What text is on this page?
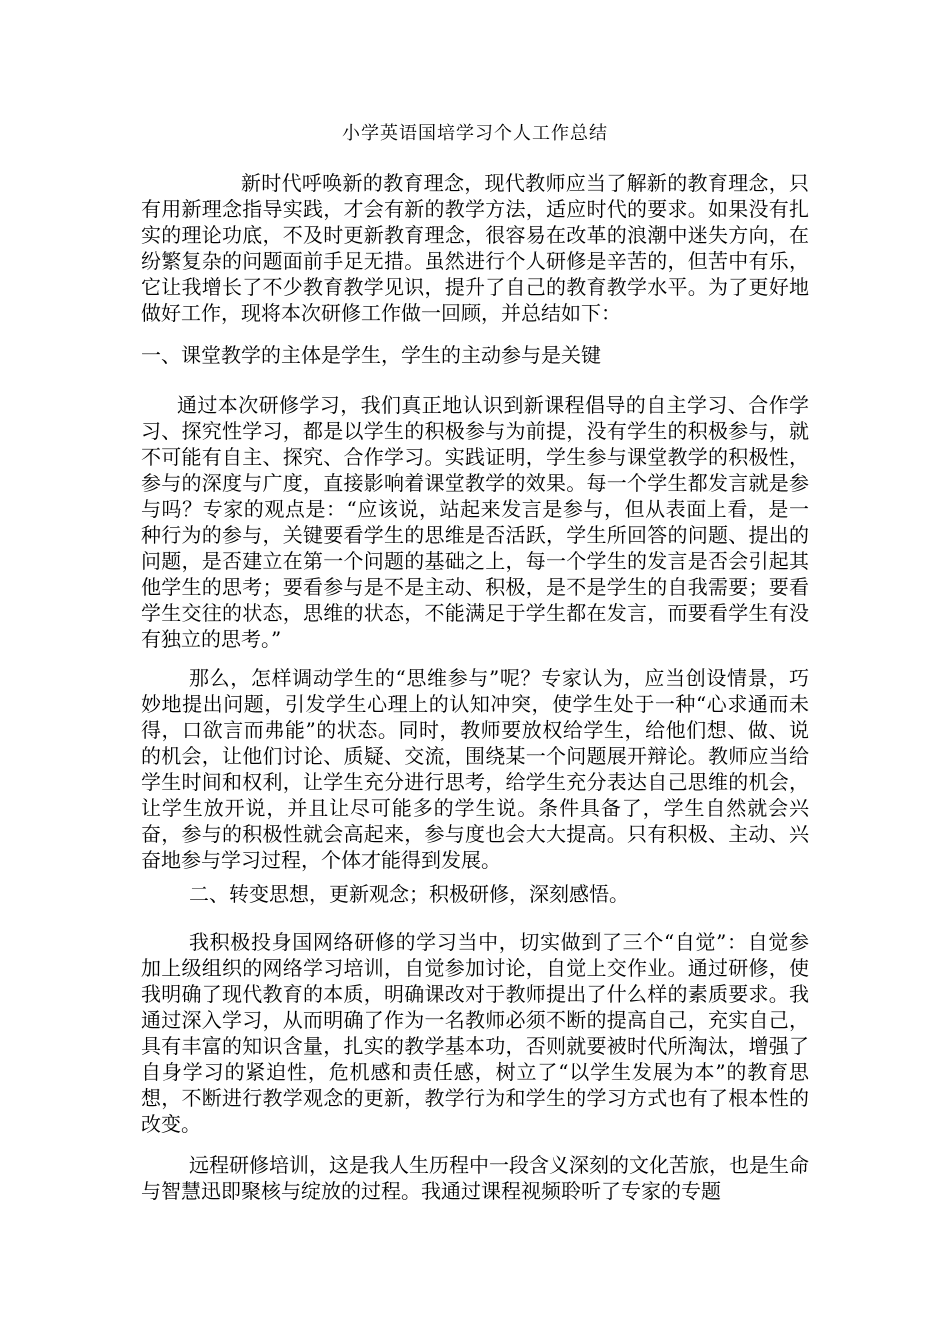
小学英语国培学习个人工作总结

新时代呼唤新的教育理念，现代教师应当了解新的教育理念，只有用新理念指导实践，才会有新的教学方法，适应时代的要求。如果没有扎实的理论功底，不及时更新教育理念，很容易在改革的浪潮中迷失方向，在纷繁复杂的问题面前手足无措。虽然进行个人研修是辛苦的，但苦中有乐，它让我增长了不少教育教学见识，提升了自己的教育教学水平。为了更好地做好工作，现将本次研修工作做一回顾，并总结如下：

一、课堂教学的主体是学生，学生的主动参与是关键

通过本次研修学习，我们真正地认识到新课程倡导的自主学习、合作学习、探究性学习，都是以学生的积极参与为前提，没有学生的积极参与，就不可能有自主、探究、合作学习。实践证明，学生参与课堂教学的积极性，参与的深度与广度，直接影响着课堂教学的效果。每一个学生都发言就是参与吗？专家的观点是：“应该说，站起来发言是参与，但从表面上看，是一种行为的参与，关键要看学生的思维是否活跃，学生所回答的问题、提出的问题，是否建立在第一个问题的基础之上，每一个学生的发言是否会引起其他学生的思考；要看参与是不是主动、积极，是不是学生的自我需要；要看学生交往的状态，思维的状态，不能满足于学生都在发言，而要看学生有没有独立的思考。”

那么，怎样调动学生的“思维参与”呢？专家认为，应当创设情景，巧妙地提出问题，引发学生心理上的认知冲突，使学生处于一种“心求通而未得，口欲言而弗能”的状态。同时，教师要放权给学生，给他们想、做、说的机会，让他们讨论、质疑、交流，围绕某一个问题展开辩论。教师应当给学生时间和权利，让学生充分进行思考，给学生充分表达自己思维的机会，让学生放开说，并且让尽可能多的学生说。条件具备了，学生自然就会兴奋，参与的积极性就会高起来，参与度也会大大提高。只有积极、主动、兴奋地参与学习过程，个体才能得到发展。

二、转变思想，更新观念；积极研修，深刻感悟。

我积极投身国网络研修的学习当中，切实做到了三个“自觉”：自觉参加上级组织的网络学习培训，自觉参加讨论，自觉上交作业。通过研修，使我明确了现代教育的本质，明确课改对于教师提出了什么样的素质要求。我通过深入学习，从而明确了作为一名教师必须不断的提高自己，充实自己，具有丰富的知识含量，扎实的教学基本功，否则就要被时代所淘汰，增强了自身学习的紧迫性，危机感和责任感，树立了“以学生发展为本”的教育思想，不断进行教学观念的更新，教学行为和学生的学习方式也有了根本性的改变。

远程研修培训，这是我人生历程中一段含义深刻的文化苦旅，也是生命与智慧迅即聚核与绽放的过程。我通过课程视频聆听了专家的专题
